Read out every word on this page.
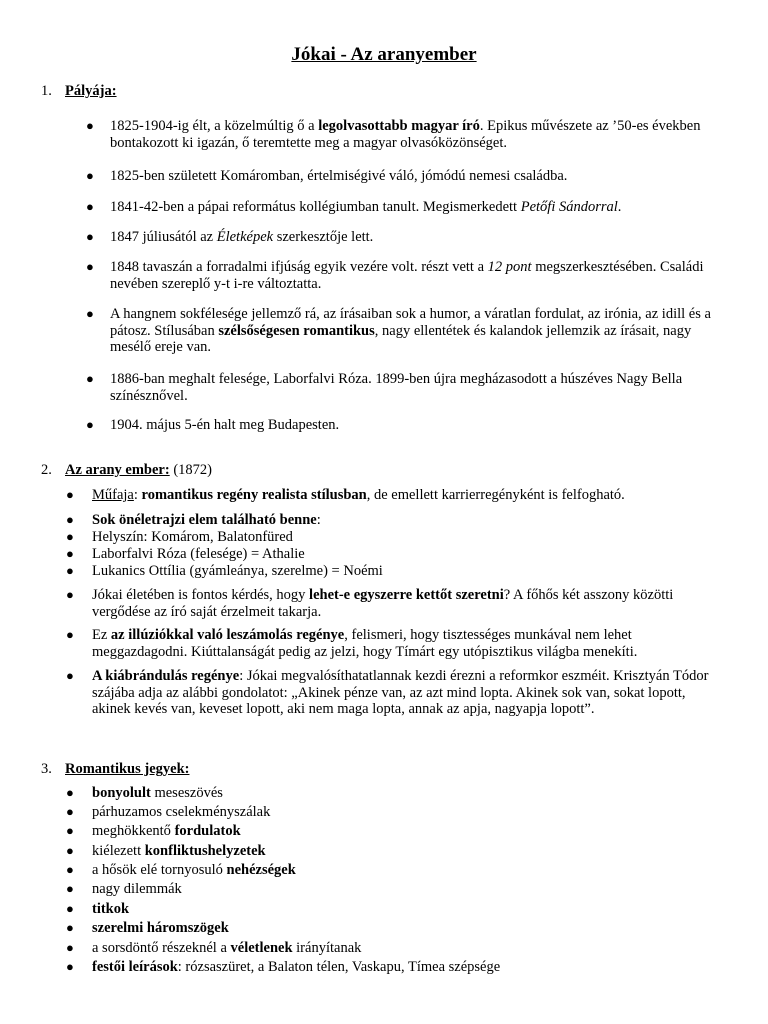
Jókai - Az aranyember
1. Pályája:
● 1825-1904-ig élt, a közelmúltig ő a legolvasottabb magyar író. Epikus művészete az ’50-es években bontakozott ki igazán, ő teremtette meg a magyar olvasóközönséget.
● 1825-ben született Komáromban, értelmiségivé váló, jómódú nemesi családba.
● 1841-42-ben a pápai református kollégiumban tanult. Megismerkedett Petőfi Sándorral.
● 1847 júliusától az Életképek szerkesztője lett.
● 1848 tavaszán a forradalmi ifjúság egyik vezére volt. részt vett a 12 pont megszerkesztésében. Családi nevében szereplő y-t i-re változtatta.
● A hangnem sokfélesége jellemző rá, az írásaiban sok a humor, a váratlan fordulat, az irónia, az idill és a pátosz. Stílusában szélsőségesen romantikus, nagy ellentétek és kalandok jellemzik az írásait, nagy mesélő ereje van.
● 1886-ban meghalt felesége, Laborfalvi Róza. 1899-ben újra megházasodott a húszéves Nagy Bella színésznővel.
● 1904. május 5-én halt meg Budapesten.
2. Az arany ember: (1872)
● Műfaja: romantikus regény realista stílusban, de emellett karrierregényként is felfogható.
● Sok önéletrajzi elem található benne:
● Helyszín: Komárom, Balatonfüred
● Laborfalvi Róza (felesége) = Athalie
● Lukanics Ottília (gyámleánya, szerelme) = Noémi
● Jókai életében is fontos kérdés, hogy lehet-e egyszerre kettőt szeretni? A főhős két asszony közötti vergődése az író saját érzelmeit takarja.
● Ez az illúziókkal való leszámolás regénye, felismeri, hogy tisztességes munkával nem lehet meggazdagodni. Kiúttalanságát pedig az jelzi, hogy Tímárt egy utópisztikus világba menekíti.
● A kiábrándulás regénye: Jókai megvalósíthatatlannak kezdi érezni a reformkor eszméit. Krisztyán Tódor szájába adja az alábbi gondolatot: „Akinek pénze van, az azt mind lopta. Akinek sok van, sokat lopott, akinek kevés van, keveset lopott, aki nem maga lopta, annak az apja, nagyapja lopott”.
3. Romantikus jegyek:
● bonyolult meseszövés
● párhuzamos cselekményszálak
● meghökkentő fordulatok
● kiélezett konfliktushelyzetek
● a hősök elé tornyosuló nehézségek
● nagy dilemmák
● titkok
● szerelmi háromszögek
● a sorsdöntő részeknél a véletlenek irányítanak
● festői leírások: rózsaszüret, a Balaton télen, Vaskapu, Tímea szépsége
